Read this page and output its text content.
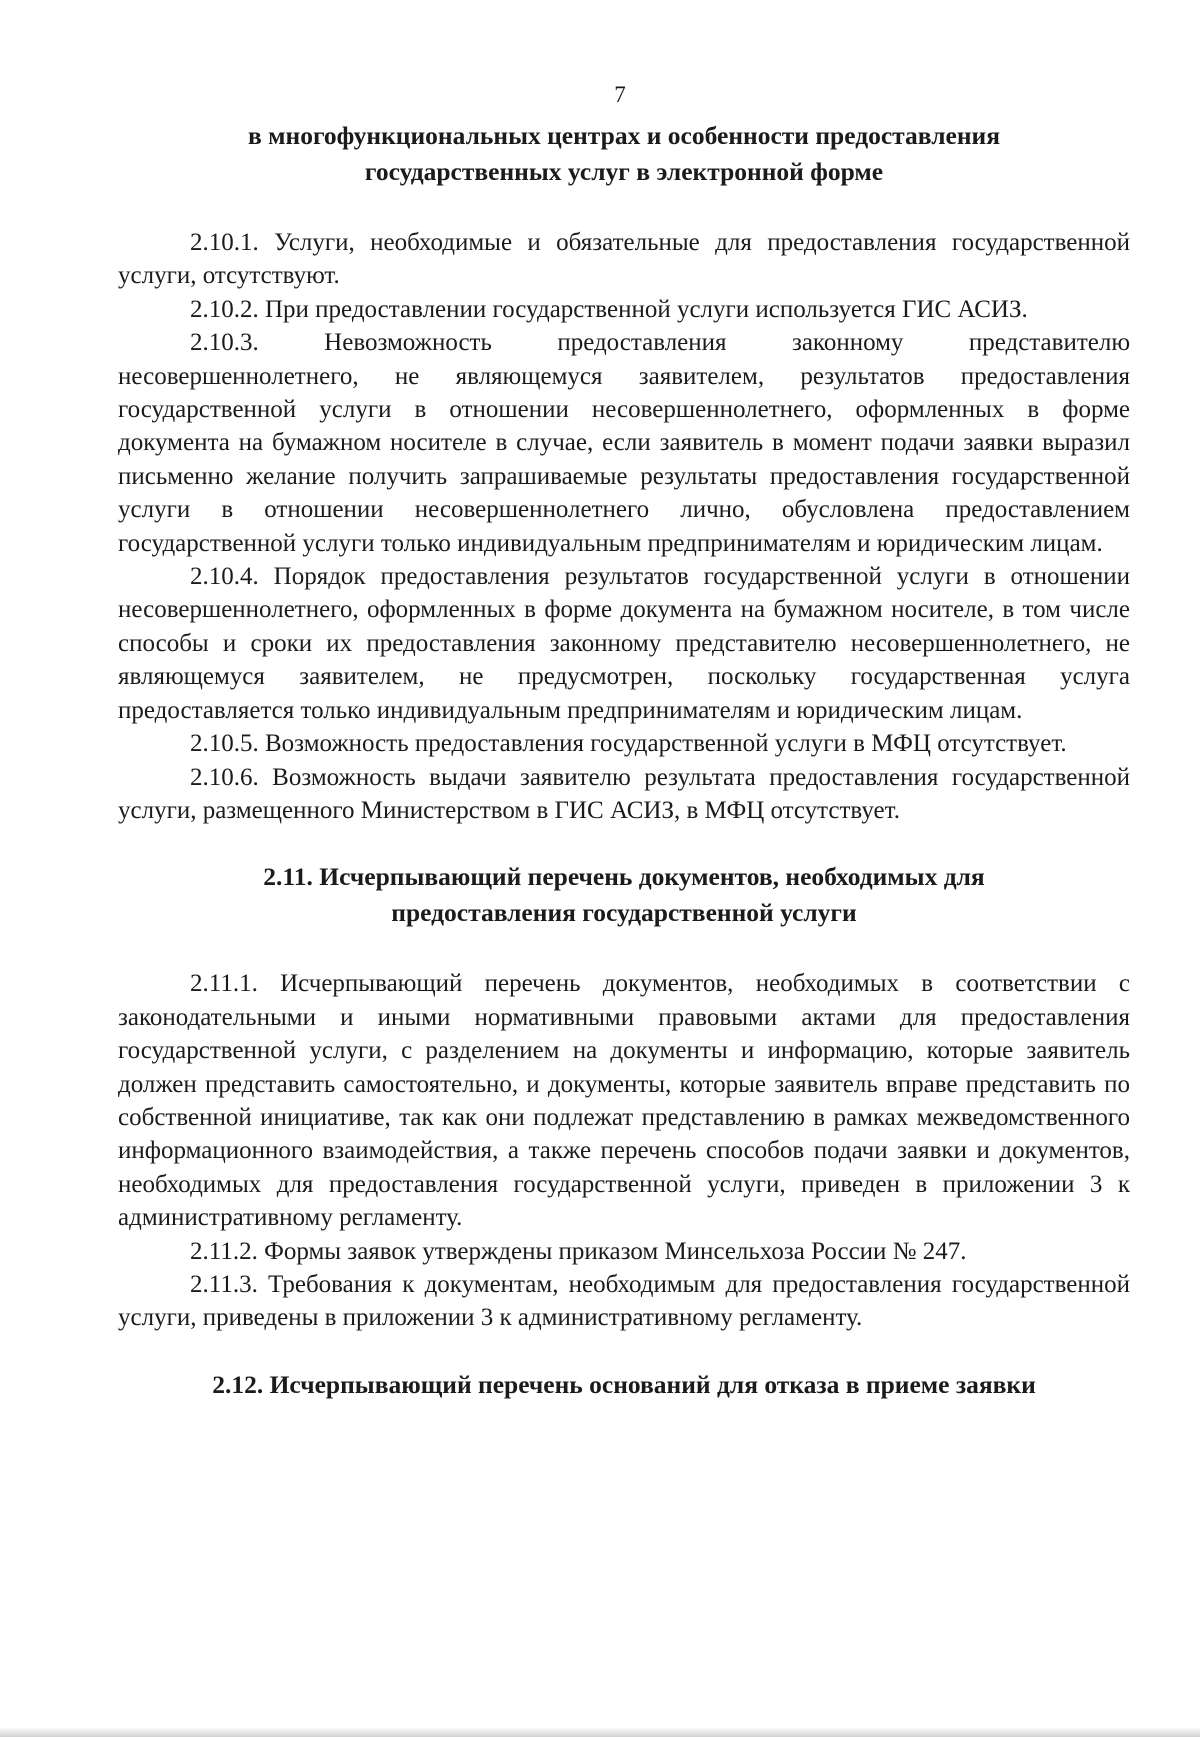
7
в многофункциональных центрах и особенности предоставления
государственных услуг в электронной форме

2.10.1. Услуги, необходимые и обязательные для предоставления государственной услуги, отсутствуют.

2.10.2. При предоставлении государственной услуги используется ГИС АСИЗ.

2.10.3. Невозможность предоставления законному представителю несовершеннолетнего, не являющемуся заявителем, результатов предоставления государственной услуги в отношении несовершеннолетнего, оформленных в форме документа на бумажном носителе в случае, если заявитель в момент подачи заявки выразил письменно желание получить запрашиваемые результаты предоставления государственной услуги в отношении несовершеннолетнего лично, обусловлена предоставлением государственной услуги только индивидуальным предпринимателям и юридическим лицам.

2.10.4. Порядок предоставления результатов государственной услуги в отношении несовершеннолетнего, оформленных в форме документа на бумажном носителе, в том числе способы и сроки их предоставления законному представителю несовершеннолетнего, не являющемуся заявителем, не предусмотрен, поскольку государственная услуга предоставляется только индивидуальным предпринимателям и юридическим лицам.

2.10.5. Возможность предоставления государственной услуги в МФЦ отсутствует.

2.10.6. Возможность выдачи заявителю результата предоставления государственной услуги, размещенного Министерством в ГИС АСИЗ, в МФЦ отсутствует.

2.11. Исчерпывающий перечень документов, необходимых для
предоставления государственной услуги

2.11.1. Исчерпывающий перечень документов, необходимых в соответствии с законодательными и иными нормативными правовыми актами для предоставления государственной услуги, с разделением на документы и информацию, которые заявитель должен представить самостоятельно, и документы, которые заявитель вправе представить по собственной инициативе, так как они подлежат представлению в рамках межведомственного информационного взаимодействия, а также перечень способов подачи заявки и документов, необходимых для предоставления государственной услуги, приведен в приложении 3 к административному регламенту.

2.11.2. Формы заявок утверждены приказом Минсельхоза России № 247.

2.11.3. Требования к документам, необходимым для предоставления государственной услуги, приведены в приложении 3 к административному регламенту.

2.12. Исчерпывающий перечень оснований для отказа в приеме заявки
